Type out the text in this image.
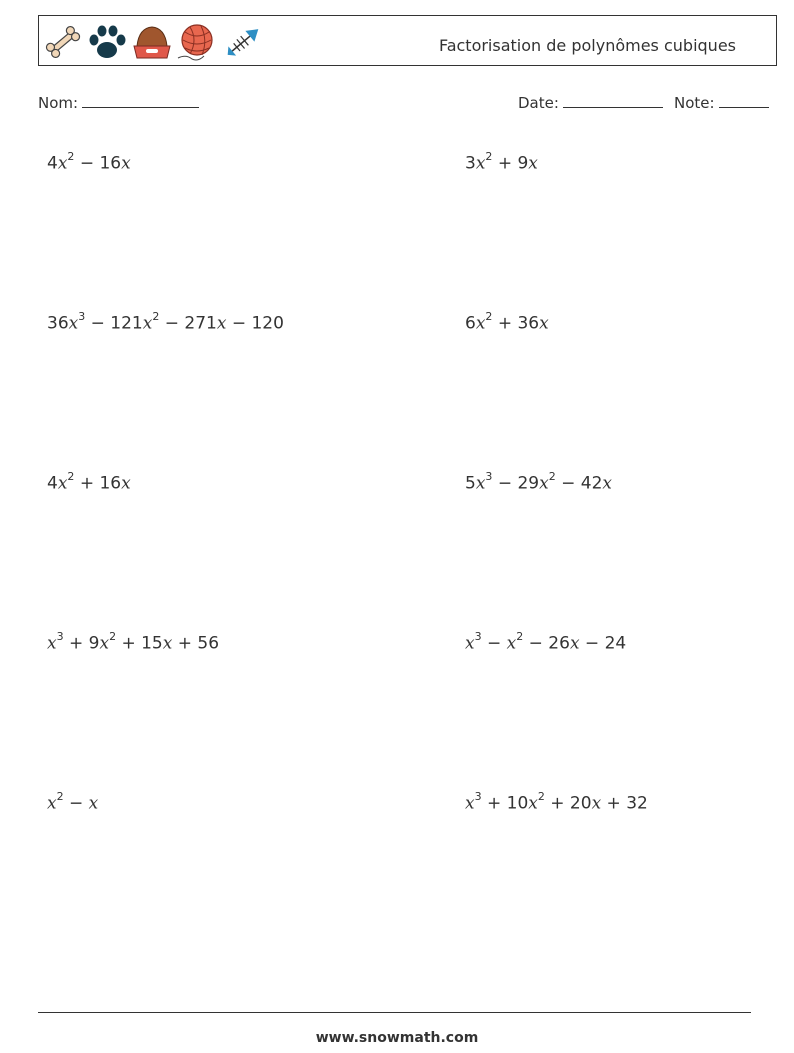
Factorisation de polynômes cubiques
Nom:	Date:	Note:
$4x^2 - 16x$	$3x^2 + 9x$
$36x^3 - 121x^2 - 271x - 120$	$6x^2 + 36x$
$4x^2 + 16x$	$5x^3 - 29x^2 - 42x$
$x^3 + 9x^2 + 15x + 56$	$x^3 - x^2 - 26x - 24$
$x^2 - x$	$x^3 + 10x^2 + 20x + 32$
www.snowmath.com
